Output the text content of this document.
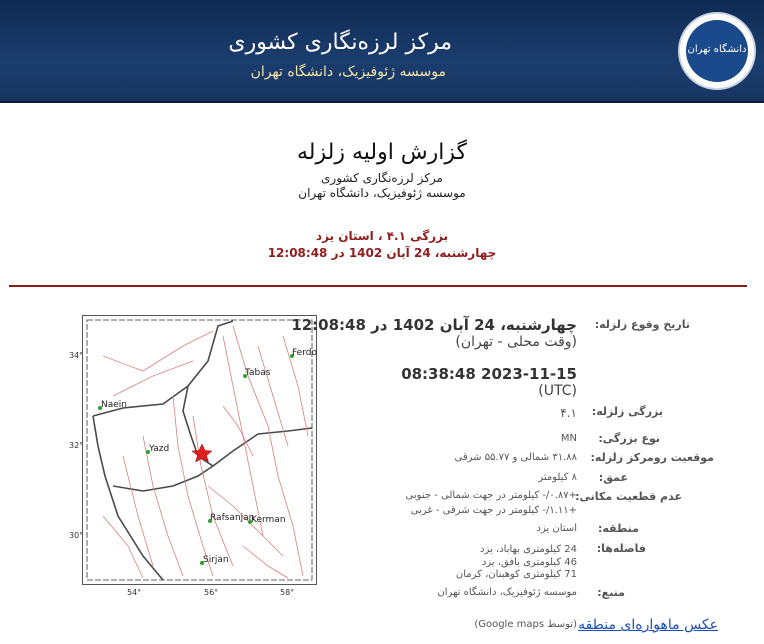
مرکز لرزه‌نگاری کشوری
موسسه ژئوفیزیک، دانشگاه تهران
دانشگاه تهران
گزارش اولیه زلزله
مرکز لرزه‌نگاری کشوری
موسسه ژئوفیزیک، دانشگاه تهران
بزرگی ۴.۱ ، استان یزد
چهارشنبه، 24 آبان 1402 در 12:08:48
Ferdo
Tabas
Naein
Yazd
Rafsanjan
Kerman
Sirjan
34°
32°
30°
54°	56°	58°
تاریخ وقوع زلزله:
بزرگی زلزله:
نوع بزرگی:
موقعیت رومرکز زلزله:
عمق:
عدم قطعیت مکانی:
منطقه:
فاصله‌ها:
منبع:
چهارشنبه، 24 آبان 1402 در 12:08:48
(وقت محلی - تهران)
2023-11-15 08:38:48
(UTC)
۴.۱
MN
۳۱.۸۸ شمالی و ۵۵.۷۷ شرقی
۸ کیلومتر
+۰.۸۷/- کیلومتر در جهت شمالی - جنوبی
+۱.۱۱/- کیلومتر در جهت شرقی - غربی
استان یزد
24 کیلومتری بهاباد، یزد
46 کیلومتری بافق، یزد
71 کیلومتری کوهبنان، کرمان
موسسه ژئوفیزیک، دانشگاه تهران
عکس ماهواره‌ای منطقه
(توسط Google maps)
